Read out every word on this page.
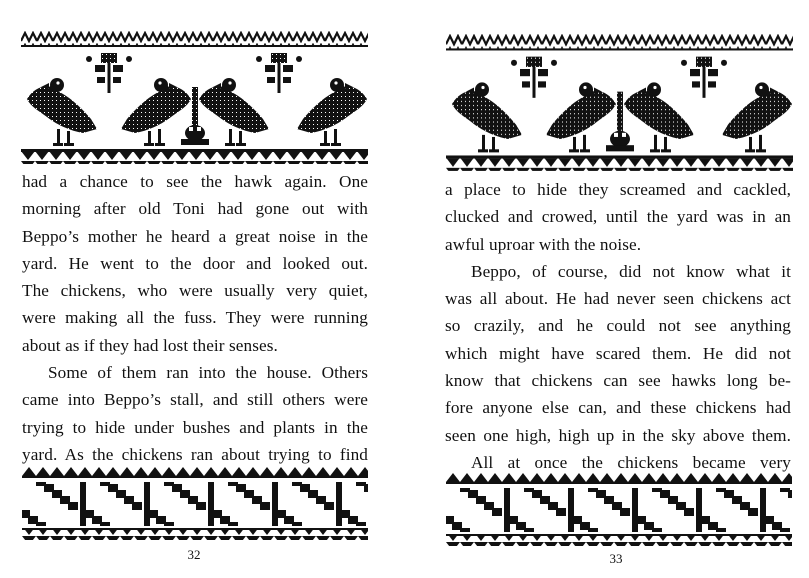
had a chance to see the hawk again. One
morning after old Toni had gone out with
Beppo’s mother he heard a great noise in the
yard. He went to the door and looked out.
The chickens, who were usually very quiet,
were making all the fuss. They were running
about as if they had lost their senses.
Some of them ran into the house. Others
came into Beppo’s stall, and still others were
trying to hide under bushes and plants in the
yard. As the chickens ran about trying to find
32
a place to hide they screamed and cackled,
clucked and crowed, until the yard was in an
awful uproar with the noise.
Beppo, of course, did not know what it
was all about. He had never seen chickens act
so crazily, and he could not see anything
which might have scared them. He did not
know that chickens can see hawks long be-
fore anyone else can, and these chickens had
seen one high, high up in the sky above them.
All at once the chickens became very
33
